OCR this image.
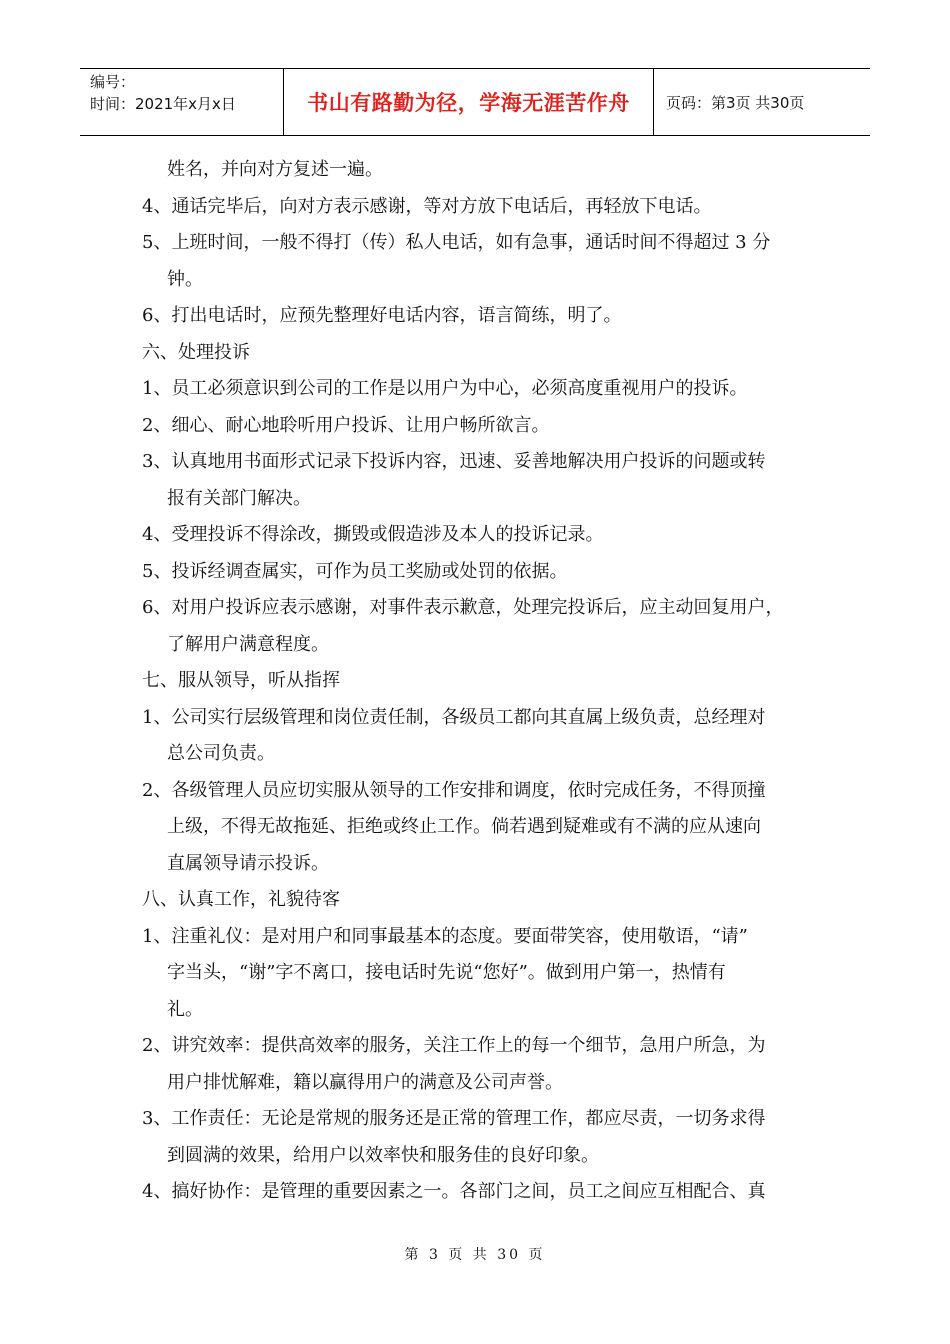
编号：
时间：2021年x月x日	书山有路勤为径，学海无涯苦作舟	页码：第3页 共30页
姓名，并向对方复述一遍。
4、通话完毕后，向对方表示感谢，等对方放下电话后，再轻放下电话。
5、上班时间，一般不得打（传）私人电话，如有急事，通话时间不得超过 3 分
钟。
6、打出电话时，应预先整理好电话内容，语言简练，明了。
六、处理投诉
1、员工必须意识到公司的工作是以用户为中心，必须高度重视用户的投诉。
2、细心、耐心地聆听用户投诉、让用户畅所欲言。
3、认真地用书面形式记录下投诉内容，迅速、妥善地解决用户投诉的问题或转
报有关部门解决。
4、受理投诉不得涂改，撕毁或假造涉及本人的投诉记录。
5、投诉经调查属实，可作为员工奖励或处罚的依据。
6、对用户投诉应表示感谢，对事件表示歉意，处理完投诉后，应主动回复用户，
了解用户满意程度。
七、服从领导，听从指挥
1、公司实行层级管理和岗位责任制，各级员工都向其直属上级负责，总经理对
总公司负责。
2、各级管理人员应切实服从领导的工作安排和调度，依时完成任务，不得顶撞
上级，不得无故拖延、拒绝或终止工作。倘若遇到疑难或有不满的应从速向
直属领导请示投诉。
八、认真工作，礼貌待客
1、注重礼仪：是对用户和同事最基本的态度。要面带笑容，使用敬语，“请”
字当头，“谢”字不离口，接电话时先说“您好”。做到用户第一，热情有
礼。
2、讲究效率：提供高效率的服务，关注工作上的每一个细节，急用户所急，为
用户排忧解难，籍以赢得用户的满意及公司声誉。
3、工作责任：无论是常规的服务还是正常的管理工作，都应尽责，一切务求得
到圆满的效果，给用户以效率快和服务佳的良好印象。
4、搞好协作：是管理的重要因素之一。各部门之间，员工之间应互相配合、真
第 3 页 共 30 页
